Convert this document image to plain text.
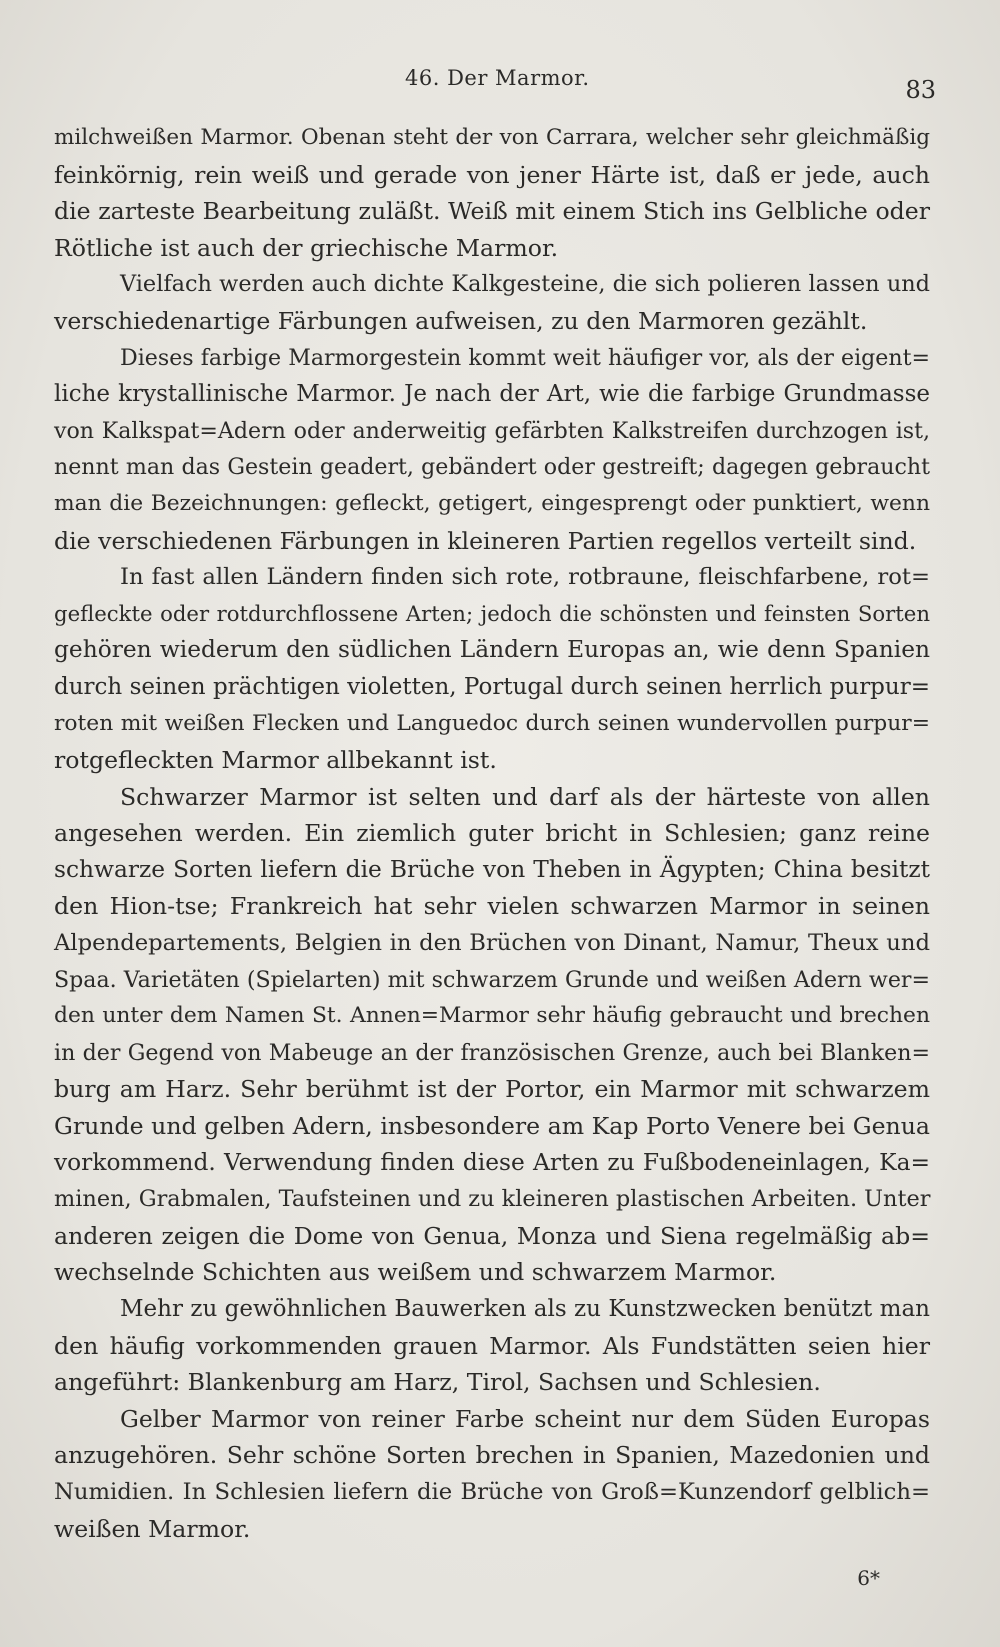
46. Der Marmor.	83
milchweißen Marmor. Obenan steht der von Carrara, welcher sehr gleichmäßig
feinkörnig, rein weiß und gerade von jener Härte ist, daß er jede, auch
die zarteste Bearbeitung zuläßt. Weiß mit einem Stich ins Gelbliche oder
Rötliche ist auch der griechische Marmor.
Vielfach werden auch dichte Kalkgesteine, die sich polieren lassen und
verschiedenartige Färbungen aufweisen, zu den Marmoren gezählt.
Dieses farbige Marmorgestein kommt weit häufiger vor, als der eigent=
liche krystallinische Marmor. Je nach der Art, wie die farbige Grundmasse
von Kalkspat=Adern oder anderweitig gefärbten Kalkstreifen durchzogen ist,
nennt man das Gestein geadert, gebändert oder gestreift; dagegen gebraucht
man die Bezeichnungen: gefleckt, getigert, eingesprengt oder punktiert, wenn
die verschiedenen Färbungen in kleineren Partien regellos verteilt sind.
In fast allen Ländern finden sich rote, rotbraune, fleischfarbene, rot=
gefleckte oder rotdurchflossene Arten; jedoch die schönsten und feinsten Sorten
gehören wiederum den südlichen Ländern Europas an, wie denn Spanien
durch seinen prächtigen violetten, Portugal durch seinen herrlich purpur=
roten mit weißen Flecken und Languedoc durch seinen wundervollen purpur=
rotgefleckten Marmor allbekannt ist.
Schwarzer Marmor ist selten und darf als der härteste von allen
angesehen werden. Ein ziemlich guter bricht in Schlesien; ganz reine
schwarze Sorten liefern die Brüche von Theben in Ägypten; China besitzt
den Hion-tse; Frankreich hat sehr vielen schwarzen Marmor in seinen
Alpendepartements, Belgien in den Brüchen von Dinant, Namur, Theux und
Spaa. Varietäten (Spielarten) mit schwarzem Grunde und weißen Adern wer=
den unter dem Namen St. Annen=Marmor sehr häufig gebraucht und brechen
in der Gegend von Mabeuge an der französischen Grenze, auch bei Blanken=
burg am Harz. Sehr berühmt ist der Portor, ein Marmor mit schwarzem
Grunde und gelben Adern, insbesondere am Kap Porto Venere bei Genua
vorkommend. Verwendung finden diese Arten zu Fußbodeneinlagen, Ka=
minen, Grabmalen, Taufsteinen und zu kleineren plastischen Arbeiten. Unter
anderen zeigen die Dome von Genua, Monza und Siena regelmäßig ab=
wechselnde Schichten aus weißem und schwarzem Marmor.
Mehr zu gewöhnlichen Bauwerken als zu Kunstzwecken benützt man
den häufig vorkommenden grauen Marmor. Als Fundstätten seien hier
angeführt: Blankenburg am Harz, Tirol, Sachsen und Schlesien.
Gelber Marmor von reiner Farbe scheint nur dem Süden Europas
anzugehören. Sehr schöne Sorten brechen in Spanien, Mazedonien und
Numidien. In Schlesien liefern die Brüche von Groß=Kunzendorf gelblich=
weißen Marmor.
6*
